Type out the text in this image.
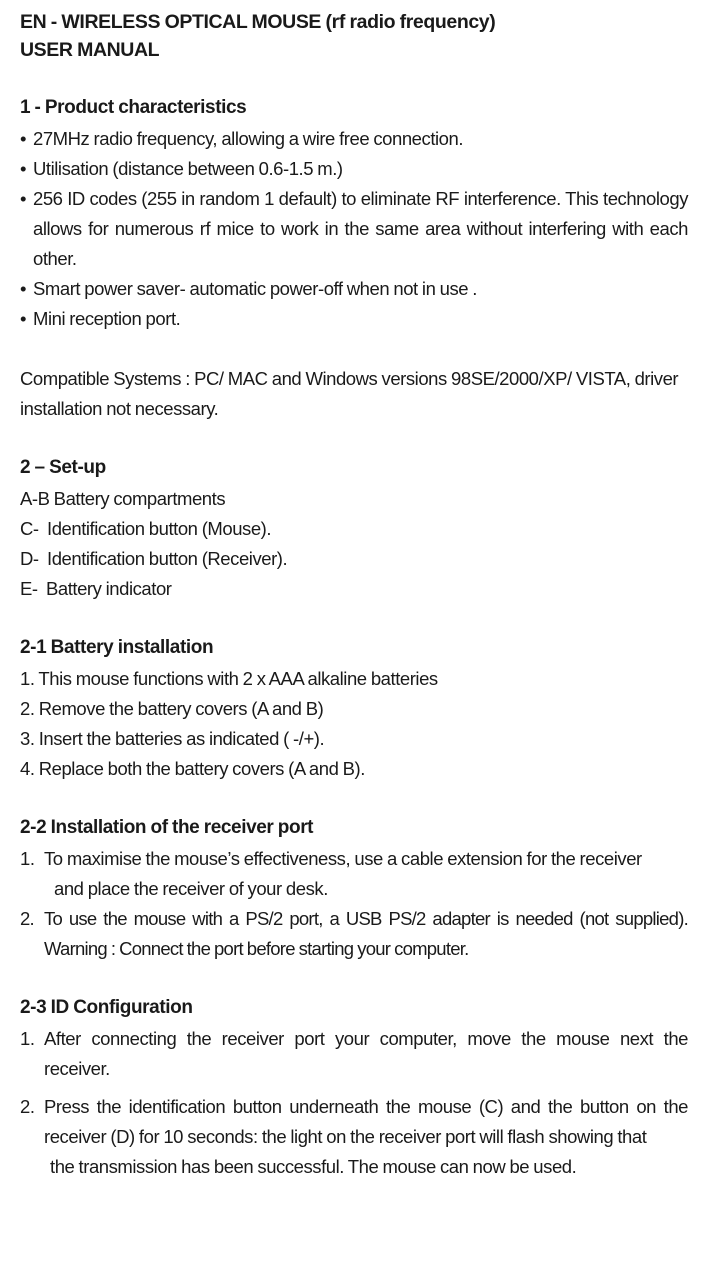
EN - WIRELESS OPTICAL MOUSE (rf radio frequency)
USER MANUAL
1 - Product characteristics
• 27MHz radio frequency, allowing a wire free connection.
• Utilisation (distance between 0.6-1.5 m.)
• 256 ID codes (255 in random 1 default) to eliminate RF interference. This technology allows for numerous rf mice to work in the same area without interfering with each other.
• Smart power saver- automatic power-off when not in use .
• Mini reception port.
Compatible Systems : PC/ MAC and Windows versions 98SE/2000/XP/ VISTA, driver installation not necessary.
2 – Set-up
A-B Battery compartments
C-  Identification button (Mouse).
D-  Identification button (Receiver).
E-  Battery indicator
2-1 Battery installation
1. This mouse functions with 2 x AAA alkaline batteries
2. Remove the battery covers (A and B)
3. Insert the batteries as indicated ( -/+).
4. Replace both the battery covers (A and B).
2-2 Installation of the receiver port
1. To maximise the mouse’s effectiveness, use a cable extension for the receiver
and place the receiver of your desk.
2. To use the mouse with a PS/2 port, a USB PS/2 adapter is needed (not supplied). Warning : Connect the port before starting your computer.
2-3 ID Configuration
1. After connecting the receiver port your computer, move the mouse next the receiver.
2. Press the identification button underneath the mouse (C) and the button on the receiver (D) for 10 seconds: the light on the receiver port will flash showing that
the transmission has been successful. The mouse can now be used.
